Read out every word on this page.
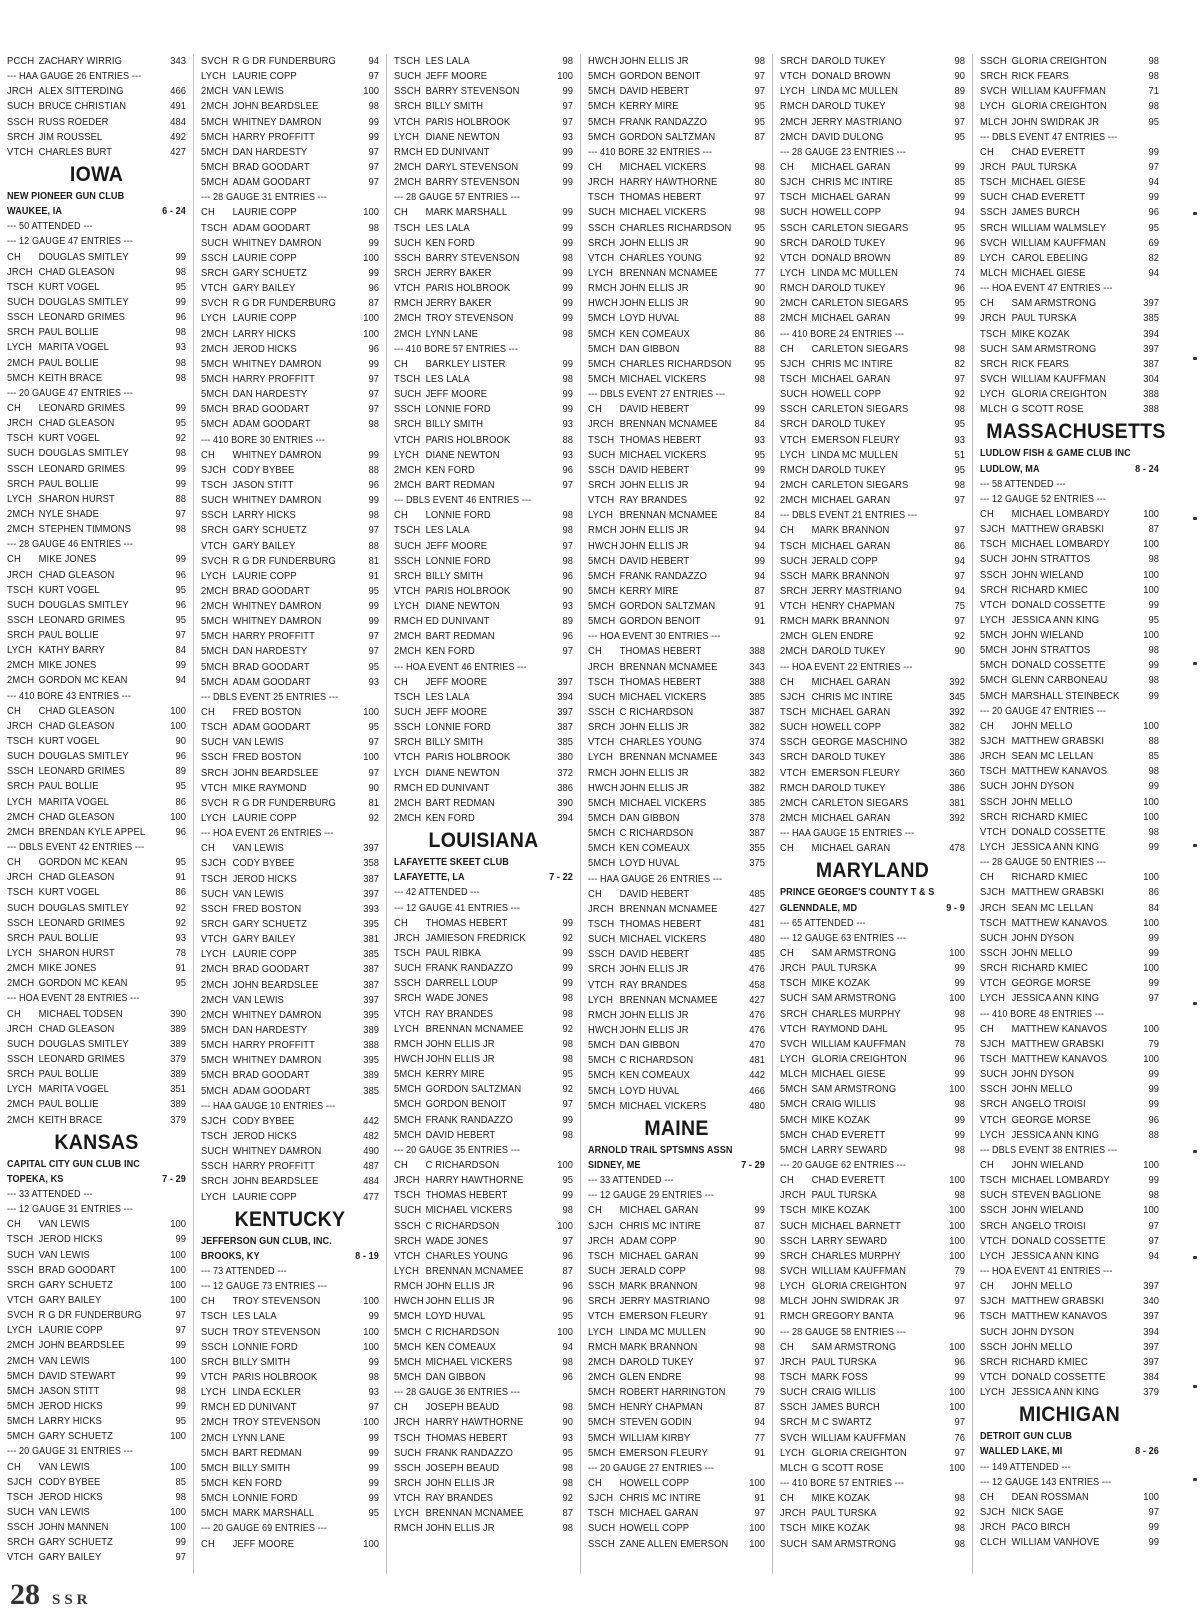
PCCH ZACHARY WIRRIG	343
--- HAA GAUGE 26 ENTRIES ---
JRCH ALEX SITTERDING	466
SUCH BRUCE CHRISTIAN	491
SSCH RUSS ROEDER	484
SRCH JIM ROUSSEL	492
VTCH CHARLES BURT	427
IOWA
NEW PIONEER GUN CLUB
WAUKEE, IA	6 - 24
--- 50 ATTENDED ---
--- 12 GAUGE 47 ENTRIES ---
CH	DOUGLAS SMITLEY	99
JRCH CHAD GLEASON	98
TSCH KURT VOGEL	95
SUCH DOUGLAS SMITLEY	99
SSCH LEONARD GRIMES	96
SRCH PAUL BOLLIE	98
LYCH MARITA VOGEL	93
2MCH PAUL BOLLIE	98
5MCH KEITH BRACE	98
--- 20 GAUGE 47 ENTRIES ---
CH	LEONARD GRIMES	99
JRCH CHAD GLEASON	95
TSCH KURT VOGEL	92
SUCH DOUGLAS SMITLEY	98
SSCH LEONARD GRIMES	99
SRCH PAUL BOLLIE	99
LYCH SHARON HURST	88
2MCH NYLE SHADE	97
2MCH STEPHEN TIMMONS	98
--- 28 GAUGE 46 ENTRIES ---
CH	MIKE JONES	99
JRCH CHAD GLEASON	96
TSCH KURT VOGEL	95
SUCH DOUGLAS SMITLEY	96
SSCH LEONARD GRIMES	95
SRCH PAUL BOLLIE	97
LYCH KATHY BARRY	84
2MCH MIKE JONES	99
2MCH GORDON MC KEAN	94
--- 410 BORE 43 ENTRIES ---
CH	CHAD GLEASON	100
JRCH CHAD GLEASON	100
TSCH KURT VOGEL	90
SUCH DOUGLAS SMITLEY	96
SSCH LEONARD GRIMES	89
SRCH PAUL BOLLIE	95
LYCH MARITA VOGEL	86
2MCH CHAD GLEASON	100
2MCH BRENDAN KYLE APPEL	96
--- DBLS EVENT 42 ENTRIES ---
CH	GORDON MC KEAN	95
JRCH CHAD GLEASON	91
TSCH KURT VOGEL	86
SUCH DOUGLAS SMITLEY	92
SSCH LEONARD GRIMES	92
SRCH PAUL BOLLIE	93
LYCH SHARON HURST	78
2MCH MIKE JONES	91
2MCH GORDON MC KEAN	95
--- HOA EVENT 28 ENTRIES ---
CH	MICHAEL TODSEN	390
JRCH CHAD GLEASON	389
SUCH DOUGLAS SMITLEY	389
SSCH LEONARD GRIMES	379
SRCH PAUL BOLLIE	389
LYCH MARITA VOGEL	351
2MCH PAUL BOLLIE	389
2MCH KEITH BRACE	379
KANSAS
CAPITAL CITY GUN CLUB INC
TOPEKA, KS	7 - 29
--- 33 ATTENDED ---
--- 12 GAUGE 31 ENTRIES ---
CH	VAN LEWIS	100
TSCH JEROD HICKS	99
SUCH VAN LEWIS	100
SSCH BRAD GOODART	100
SRCH GARY SCHUETZ	100
VTCH GARY BAILEY	100
SVCH R G DR FUNDERBURG	97
LYCH LAURIE COPP	97
2MCH JOHN BEARDSLEE	99
2MCH VAN LEWIS	100
5MCH DAVID STEWART	99
5MCH JASON STITT	98
5MCH JEROD HICKS	99
5MCH LARRY HICKS	95
5MCH GARY SCHUETZ	100
--- 20 GAUGE 31 ENTRIES ---
CH	VAN LEWIS	100
SJCH CODY BYBEE	85
TSCH JEROD HICKS	98
SUCH VAN LEWIS	100
SSCH JOHN MANNEN	100
SRCH GARY SCHUETZ	99
VTCH GARY BAILEY	97
SVCH R G DR FUNDERBURG	94
LYCH LAURIE COPP	97
2MCH VAN LEWIS	100
2MCH JOHN BEARDSLEE	98
5MCH WHITNEY DAMRON	99
5MCH HARRY PROFFITT	99
5MCH DAN HARDESTY	97
5MCH BRAD GOODART	97
5MCH ADAM GOODART	97
--- 28 GAUGE 31 ENTRIES ---
CH	LAURIE COPP	100
TSCH ADAM GOODART	98
SUCH WHITNEY DAMRON	99
SSCH LAURIE COPP	100
SRCH GARY SCHUETZ	99
VTCH GARY BAILEY	96
SVCH R G DR FUNDERBURG	87
LYCH LAURIE COPP	100
2MCH LARRY HICKS	100
2MCH JEROD HICKS	96
5MCH WHITNEY DAMRON	99
5MCH HARRY PROFFITT	97
5MCH DAN HARDESTY	97
5MCH BRAD GOODART	97
5MCH ADAM GOODART	98
--- 410 BORE 30 ENTRIES ---
CH	WHITNEY DAMRON	99
SJCH CODY BYBEE	88
TSCH JASON STITT	96
SUCH WHITNEY DAMRON	99
SSCH LARRY HICKS	98
SRCH GARY SCHUETZ	97
VTCH GARY BAILEY	88
SVCH R G DR FUNDERBURG	81
LYCH LAURIE COPP	91
2MCH BRAD GOODART	95
2MCH WHITNEY DAMRON	99
5MCH WHITNEY DAMRON	99
5MCH HARRY PROFFITT	97
5MCH DAN HARDESTY	97
5MCH BRAD GOODART	95
5MCH ADAM GOODART	93
--- DBLS EVENT 25 ENTRIES ---
CH	FRED BOSTON	100
TSCH ADAM GOODART	95
SUCH VAN LEWIS	97
SSCH FRED BOSTON	100
SRCH JOHN BEARDSLEE	97
VTCH MIKE RAYMOND	90
SVCH R G DR FUNDERBURG	81
LYCH LAURIE COPP	92
--- HOA EVENT 26 ENTRIES ---
CH	VAN LEWIS	397
SJCH CODY BYBEE	358
TSCH JEROD HICKS	387
SUCH VAN LEWIS	397
SSCH FRED BOSTON	393
SRCH GARY SCHUETZ	395
VTCH GARY BAILEY	381
LYCH LAURIE COPP	385
2MCH BRAD GOODART	387
2MCH JOHN BEARDSLEE	387
2MCH VAN LEWIS	397
2MCH WHITNEY DAMRON	395
5MCH DAN HARDESTY	389
5MCH HARRY PROFFITT	388
5MCH WHITNEY DAMRON	395
5MCH BRAD GOODART	389
5MCH ADAM GOODART	385
--- HAA GAUGE 10 ENTRIES ---
SJCH CODY BYBEE	442
TSCH JEROD HICKS	482
SUCH WHITNEY DAMRON	490
SSCH HARRY PROFFITT	487
SRCH JOHN BEARDSLEE	484
LYCH LAURIE COPP	477
KENTUCKY
JEFFERSON GUN CLUB, INC.
BROOKS, KY	8 - 19
--- 73 ATTENDED ---
--- 12 GAUGE 73 ENTRIES ---
CH	TROY STEVENSON	100
TSCH LES LALA	99
SUCH TROY STEVENSON	100
SSCH LONNIE FORD	100
SRCH BILLY SMITH	99
VTCH PARIS HOLBROOK	98
LYCH LINDA ECKLER	93
RMCH ED DUNIVANT	97
2MCH TROY STEVENSON	100
2MCH LYNN LANE	99
5MCH BART REDMAN	99
5MCH BILLY SMITH	99
5MCH KEN FORD	99
5MCH LONNIE FORD	99
5MCH MARK MARSHALL	95
--- 20 GAUGE 69 ENTRIES ---
CH	JEFF MOORE	100
TSCH LES LALA	98
SUCH JEFF MOORE	100
SSCH BARRY STEVENSON	99
SRCH BILLY SMITH	97
VTCH PARIS HOLBROOK	97
LYCH DIANE NEWTON	93
RMCH ED DUNIVANT	99
2MCH DARYL STEVENSON	99
2MCH BARRY STEVENSON	99
--- 28 GAUGE 57 ENTRIES ---
CH	MARK MARSHALL	99
TSCH LES LALA	99
SUCH KEN FORD	99
SSCH BARRY STEVENSON	98
SRCH JERRY BAKER	99
VTCH PARIS HOLBROOK	99
RMCH JERRY BAKER	99
2MCH TROY STEVENSON	99
2MCH LYNN LANE	98
--- 410 BORE 57 ENTRIES ---
CH	BARKLEY LISTER	99
TSCH LES LALA	98
SUCH JEFF MOORE	99
SSCH LONNIE FORD	99
SRCH BILLY SMITH	93
VTCH PARIS HOLBROOK	88
LYCH DIANE NEWTON	93
2MCH KEN FORD	96
2MCH BART REDMAN	97
--- DBLS EVENT 46 ENTRIES ---
CH	LONNIE FORD	98
TSCH LES LALA	98
SUCH JEFF MOORE	97
SSCH LONNIE FORD	98
SRCH BILLY SMITH	96
VTCH PARIS HOLBROOK	90
LYCH DIANE NEWTON	93
RMCH ED DUNIVANT	89
2MCH BART REDMAN	96
2MCH KEN FORD	97
--- HOA EVENT 46 ENTRIES ---
CH	JEFF MOORE	397
TSCH LES LALA	394
SUCH JEFF MOORE	397
SSCH LONNIE FORD	387
SRCH BILLY SMITH	385
VTCH PARIS HOLBROOK	380
LYCH DIANE NEWTON	372
RMCH ED DUNIVANT	386
2MCH BART REDMAN	390
2MCH KEN FORD	394
LOUISIANA
LAFAYETTE SKEET CLUB
LAFAYETTE, LA	7 - 22
--- 42 ATTENDED ---
--- 12 GAUGE 41 ENTRIES ---
CH	THOMAS HEBERT	99
JRCH JAMIESON FREDRICK	92
TSCH PAUL RIBKA	99
SUCH FRANK RANDAZZO	99
SSCH DARRELL LOUP	99
SRCH WADE JONES	98
VTCH RAY BRANDES	98
LYCH BRENNAN MCNAMEE	92
RMCH JOHN ELLIS JR	98
HWCH JOHN ELLIS JR	98
5MCH KERRY MIRE	95
5MCH GORDON SALTZMAN	92
5MCH GORDON BENOIT	97
5MCH FRANK RANDAZZO	99
5MCH DAVID HEBERT	98
--- 20 GAUGE 35 ENTRIES ---
CH	C RICHARDSON	100
JRCH HARRY HAWTHORNE	95
TSCH THOMAS HEBERT	99
SUCH MICHAEL VICKERS	98
SSCH C RICHARDSON	100
SRCH WADE JONES	97
VTCH CHARLES YOUNG	96
LYCH BRENNAN MCNAMEE	87
RMCH JOHN ELLIS JR	96
HWCH JOHN ELLIS JR	96
5MCH LOYD HUVAL	95
5MCH C RICHARDSON	100
5MCH KEN COMEAUX	94
5MCH MICHAEL VICKERS	98
5MCH DAN GIBBON	96
--- 28 GAUGE 36 ENTRIES ---
CH	JOSEPH BEAUD	98
JRCH HARRY HAWTHORNE	90
TSCH THOMAS HEBERT	93
SUCH FRANK RANDAZZO	95
SSCH JOSEPH BEAUD	98
SRCH JOHN ELLIS JR	98
VTCH RAY BRANDES	92
LYCH BRENNAN MCNAMEE	87
RMCH JOHN ELLIS JR	98
HWCH JOHN ELLIS JR	98
5MCH GORDON BENOIT	97
5MCH DAVID HEBERT	97
5MCH KERRY MIRE	95
5MCH FRANK RANDAZZO	95
5MCH GORDON SALTZMAN	87
--- 410 BORE 32 ENTRIES ---
CH	MICHAEL VICKERS	98
JRCH HARRY HAWTHORNE	80
TSCH THOMAS HEBERT	97
SUCH MICHAEL VICKERS	98
SSCH CHARLES RICHARDSON	95
SRCH JOHN ELLIS JR	90
VTCH CHARLES YOUNG	92
LYCH BRENNAN MCNAMEE	77
RMCH JOHN ELLIS JR	90
HWCH JOHN ELLIS JR	90
5MCH LOYD HUVAL	88
5MCH KEN COMEAUX	86
5MCH DAN GIBBON	88
5MCH CHARLES RICHARDSON	95
5MCH MICHAEL VICKERS	98
--- DBLS EVENT 27 ENTRIES ---
CH	DAVID HEBERT	99
JRCH BRENNAN MCNAMEE	84
TSCH THOMAS HEBERT	93
SUCH MICHAEL VICKERS	95
SSCH DAVID HEBERT	99
SRCH JOHN ELLIS JR	94
VTCH RAY BRANDES	92
LYCH BRENNAN MCNAMEE	84
RMCH JOHN ELLIS JR	94
HWCH JOHN ELLIS JR	94
5MCH DAVID HEBERT	99
5MCH FRANK RANDAZZO	94
5MCH KERRY MIRE	87
5MCH GORDON SALTZMAN	91
5MCH GORDON BENOIT	91
--- HOA EVENT 30 ENTRIES ---
CH	THOMAS HEBERT	388
JRCH BRENNAN MCNAMEE	343
TSCH THOMAS HEBERT	388
SUCH MICHAEL VICKERS	385
SSCH C RICHARDSON	387
SRCH JOHN ELLIS JR	382
VTCH CHARLES YOUNG	374
LYCH BRENNAN MCNAMEE	343
RMCH JOHN ELLIS JR	382
HWCH JOHN ELLIS JR	382
5MCH MICHAEL VICKERS	385
5MCH DAN GIBBON	378
5MCH C RICHARDSON	387
5MCH KEN COMEAUX	355
5MCH LOYD HUVAL	375
--- HAA GAUGE 26 ENTRIES ---
CH	DAVID HEBERT	485
JRCH BRENNAN MCNAMEE	427
TSCH THOMAS HEBERT	481
SUCH MICHAEL VICKERS	480
SSCH DAVID HEBERT	485
SRCH JOHN ELLIS JR	476
VTCH RAY BRANDES	458
LYCH BRENNAN MCNAMEE	427
RMCH JOHN ELLIS JR	476
HWCH JOHN ELLIS JR	476
5MCH DAN GIBBON	470
5MCH C RICHARDSON	481
5MCH KEN COMEAUX	442
5MCH LOYD HUVAL	466
5MCH MICHAEL VICKERS	480
MAINE
ARNOLD TRAIL SPTSMNS ASSN
SIDNEY, ME	7 - 29
--- 33 ATTENDED ---
--- 12 GAUGE 29 ENTRIES ---
CH	MICHAEL GARAN	99
SJCH CHRIS MC INTIRE	87
JRCH ADAM COPP	90
TSCH MICHAEL GARAN	99
SUCH JERALD COPP	98
SSCH MARK BRANNON	98
SRCH JERRY MASTRIANO	98
VTCH EMERSON FLEURY	91
LYCH LINDA MC MULLEN	90
RMCH MARK BRANNON	98
2MCH DAROLD TUKEY	97
2MCH GLEN ENDRE	98
5MCH ROBERT HARRINGTON	79
5MCH HENRY CHAPMAN	87
5MCH STEVEN GODIN	94
5MCH WILLIAM KIRBY	77
5MCH EMERSON FLEURY	91
--- 20 GAUGE 27 ENTRIES ---
CH	HOWELL COPP	100
SJCH CHRIS MC INTIRE	91
TSCH MICHAEL GARAN	97
SUCH HOWELL COPP	100
SSCH ZANE ALLEN EMERSON	100
SRCH DAROLD TUKEY	98
VTCH DONALD BROWN	90
LYCH LINDA MC MULLEN	89
RMCH DAROLD TUKEY	98
2MCH JERRY MASTRIANO	97
2MCH DAVID DULONG	95
--- 28 GAUGE 23 ENTRIES ---
CH	MICHAEL GARAN	99
SJCH CHRIS MC INTIRE	85
TSCH MICHAEL GARAN	99
SUCH HOWELL COPP	94
SSCH CARLETON SIEGARS	95
SRCH DAROLD TUKEY	96
VTCH DONALD BROWN	89
LYCH LINDA MC MULLEN	74
RMCH DAROLD TUKEY	96
2MCH CARLETON SIEGARS	95
2MCH MICHAEL GARAN	99
--- 410 BORE 24 ENTRIES ---
CH	CARLETON SIEGARS	98
SJCH CHRIS MC INTIRE	82
TSCH MICHAEL GARAN	97
SUCH HOWELL COPP	92
SSCH CARLETON SIEGARS	98
SRCH DAROLD TUKEY	95
VTCH EMERSON FLEURY	93
LYCH LINDA MC MULLEN	51
RMCH DAROLD TUKEY	95
2MCH CARLETON SIEGARS	98
2MCH MICHAEL GARAN	97
--- DBLS EVENT 21 ENTRIES ---
CH	MARK BRANNON	97
TSCH MICHAEL GARAN	86
SUCH JERALD COPP	94
SSCH MARK BRANNON	97
SRCH JERRY MASTRIANO	94
VTCH HENRY CHAPMAN	75
RMCH MARK BRANNON	97
2MCH GLEN ENDRE	92
2MCH DAROLD TUKEY	90
--- HOA EVENT 22 ENTRIES ---
CH	MICHAEL GARAN	392
SJCH CHRIS MC INTIRE	345
TSCH MICHAEL GARAN	392
SUCH HOWELL COPP	382
SSCH GEORGE MASCHINO	382
SRCH DAROLD TUKEY	386
VTCH EMERSON FLEURY	360
RMCH DAROLD TUKEY	386
2MCH CARLETON SIEGARS	381
2MCH MICHAEL GARAN	392
--- HAA GAUGE 15 ENTRIES ---
CH	MICHAEL GARAN	478
MARYLAND
PRINCE GEORGE'S COUNTY T & S
GLENNDALE, MD	9 - 9
--- 65 ATTENDED ---
--- 12 GAUGE 63 ENTRIES ---
CH	SAM ARMSTRONG	100
JRCH PAUL TURSKA	99
TSCH MIKE KOZAK	99
SUCH SAM ARMSTRONG	100
SRCH CHARLES MURPHY	98
VTCH RAYMOND DAHL	95
SVCH WILLIAM KAUFFMAN	78
LYCH GLORIA CREIGHTON	96
MLCH MICHAEL GIESE	99
5MCH SAM ARMSTRONG	100
5MCH CRAIG WILLIS	98
5MCH MIKE KOZAK	99
5MCH CHAD EVERETT	99
5MCH LARRY SEWARD	98
--- 20 GAUGE 62 ENTRIES ---
CH	CHAD EVERETT	100
JRCH PAUL TURSKA	98
TSCH MIKE KOZAK	100
SUCH MICHAEL BARNETT	100
SSCH LARRY SEWARD	100
SRCH CHARLES MURPHY	100
SVCH WILLIAM KAUFFMAN	79
LYCH GLORIA CREIGHTON	97
MLCH JOHN SWIDRAK JR	97
RMCH GREGORY BANTA	96
--- 28 GAUGE 58 ENTRIES ---
CH	SAM ARMSTRONG	100
JRCH PAUL TURSKA	96
TSCH MARK FOSS	99
SUCH CRAIG WILLIS	100
SSCH JAMES BURCH	100
SRCH M C SWARTZ	97
SVCH WILLIAM KAUFFMAN	76
LYCH GLORIA CREIGHTON	97
MLCH G SCOTT ROSE	100
--- 410 BORE 57 ENTRIES ---
CH	MIKE KOZAK	98
JRCH PAUL TURSKA	92
TSCH MIKE KOZAK	98
SUCH SAM ARMSTRONG	98
SSCH GLORIA CREIGHTON	98
SRCH RICK FEARS	98
SVCH WILLIAM KAUFFMAN	71
LYCH GLORIA CREIGHTON	98
MLCH JOHN SWIDRAK JR	95
--- DBLS EVENT 47 ENTRIES ---
CH	CHAD EVERETT	99
JRCH PAUL TURSKA	97
TSCH MICHAEL GIESE	94
SUCH CHAD EVERETT	99
SSCH JAMES BURCH	96
SRCH WILLIAM WALMSLEY	95
SVCH WILLIAM KAUFFMAN	69
LYCH CAROL EBELING	82
MLCH MICHAEL GIESE	94
--- HOA EVENT 47 ENTRIES ---
CH	SAM ARMSTRONG	397
JRCH PAUL TURSKA	385
TSCH MIKE KOZAK	394
SUCH SAM ARMSTRONG	397
SRCH RICK FEARS	387
SVCH WILLIAM KAUFFMAN	304
LYCH GLORIA CREIGHTON	388
MLCH G SCOTT ROSE	388
MASSACHUSETTS
LUDLOW FISH & GAME CLUB INC
LUDLOW, MA	8 - 24
--- 58 ATTENDED ---
--- 12 GAUGE 52 ENTRIES ---
CH	MICHAEL LOMBARDY	100
SJCH MATTHEW GRABSKI	87
TSCH MICHAEL LOMBARDY	100
SUCH JOHN STRATTOS	98
SSCH JOHN WIELAND	100
SRCH RICHARD KMIEC	100
VTCH DONALD COSSETTE	99
LYCH JESSICA ANN KING	95
5MCH JOHN WIELAND	100
5MCH JOHN STRATTOS	98
5MCH DONALD COSSETTE	99
5MCH GLENN CARBONEAU	98
5MCH MARSHALL STEINBECK	99
--- 20 GAUGE 47 ENTRIES ---
CH	JOHN MELLO	100
SJCH MATTHEW GRABSKI	88
JRCH SEAN MC LELLAN	85
TSCH MATTHEW KANAVOS	98
SUCH JOHN DYSON	99
SSCH JOHN MELLO	100
SRCH RICHARD KMIEC	100
VTCH DONALD COSSETTE	98
LYCH JESSICA ANN KING	99
--- 28 GAUGE 50 ENTRIES ---
CH	RICHARD KMIEC	100
SJCH MATTHEW GRABSKI	86
JRCH SEAN MC LELLAN	84
TSCH MATTHEW KANAVOS	100
SUCH JOHN DYSON	99
SSCH JOHN MELLO	99
SRCH RICHARD KMIEC	100
VTCH GEORGE MORSE	99
LYCH JESSICA ANN KING	97
--- 410 BORE 48 ENTRIES ---
CH	MATTHEW KANAVOS	100
SJCH MATTHEW GRABSKI	79
TSCH MATTHEW KANAVOS	100
SUCH JOHN DYSON	99
SSCH JOHN MELLO	99
SRCH ANGELO TROISI	99
VTCH GEORGE MORSE	96
LYCH JESSICA ANN KING	88
--- DBLS EVENT 38 ENTRIES ---
CH	JOHN WIELAND	100
TSCH MICHAEL LOMBARDY	99
SUCH STEVEN BAGLIONE	98
SSCH JOHN WIELAND	100
SRCH ANGELO TROISI	97
VTCH DONALD COSSETTE	97
LYCH JESSICA ANN KING	94
--- HOA EVENT 41 ENTRIES ---
CH	JOHN MELLO	397
SJCH MATTHEW GRABSKI	340
TSCH MATTHEW KANAVOS	397
SUCH JOHN DYSON	394
SSCH JOHN MELLO	397
SRCH RICHARD KMIEC	397
VTCH DONALD COSSETTE	384
LYCH JESSICA ANN KING	379
MICHIGAN
DETROIT GUN CLUB
WALLED LAKE, MI	8 - 26
--- 149 ATTENDED ---
--- 12 GAUGE 143 ENTRIES ---
CH	DEAN ROSSMAN	100
SJCH NICK SAGE	97
JRCH PACO BIRCH	99
CLCH WILLIAM VANHOVE	99
28 SSR
